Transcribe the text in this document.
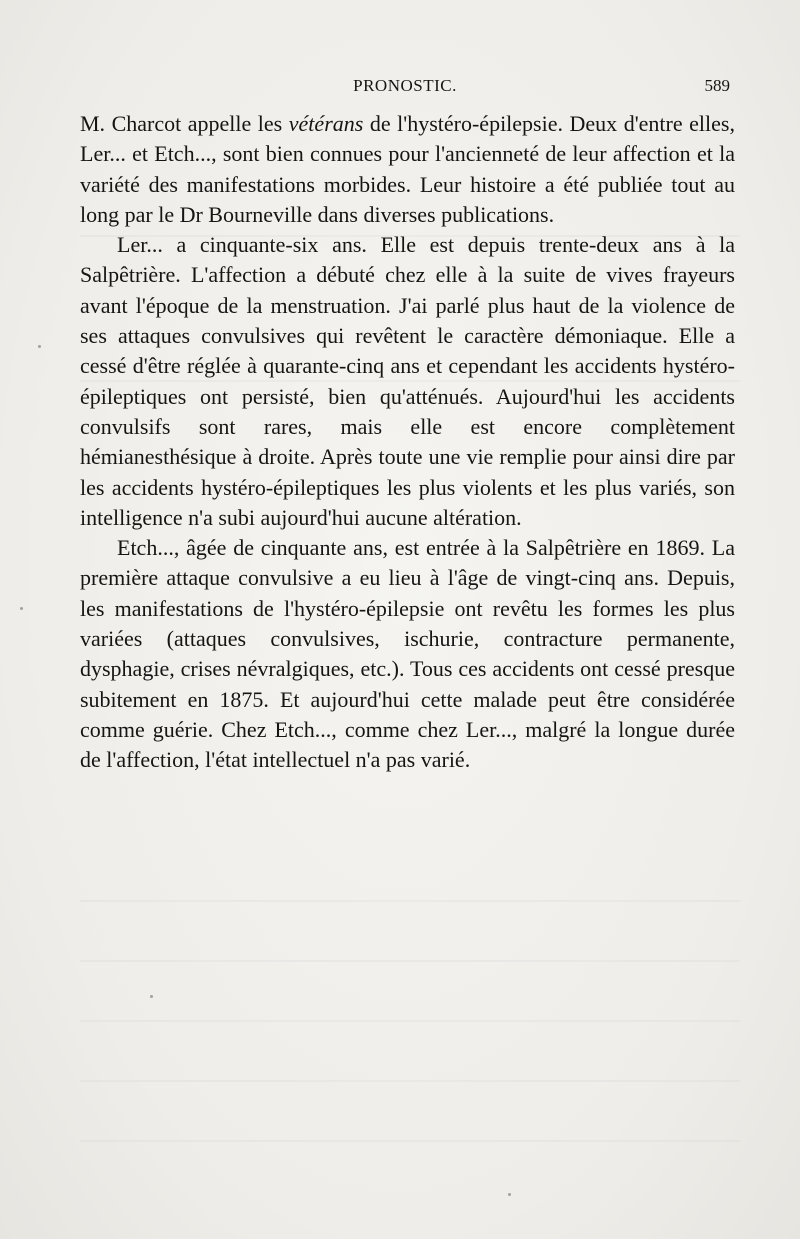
PRONOSTIC.	589

M. Charcot appelle les vétérans de l'hystéro-épilepsie. Deux d'entre elles, Ler... et Etch..., sont bien connues pour l'ancienneté de leur affection et la variété des manifestations morbides. Leur histoire a été publiée tout au long par le Dr Bourneville dans diverses publications.

Ler... a cinquante-six ans. Elle est depuis trente-deux ans à la Salpêtrière. L'affection a débuté chez elle à la suite de vives frayeurs avant l'époque de la menstruation. J'ai parlé plus haut de la violence de ses attaques convulsives qui revêtent le caractère démoniaque. Elle a cessé d'être réglée à quarante-cinq ans et cependant les accidents hystéro-épileptiques ont persisté, bien qu'atténués. Aujourd'hui les accidents convulsifs sont rares, mais elle est encore complètement hémianesthésique à droite. Après toute une vie remplie pour ainsi dire par les accidents hystéro-épileptiques les plus violents et les plus variés, son intelligence n'a subi aujourd'hui aucune altération.

Etch..., âgée de cinquante ans, est entrée à la Salpêtrière en 1869. La première attaque convulsive a eu lieu à l'âge de vingt-cinq ans. Depuis, les manifestations de l'hystéro-épilepsie ont revêtu les formes les plus variées (attaques convulsives, ischurie, contracture permanente, dysphagie, crises névralgiques, etc.). Tous ces accidents ont cessé presque subitement en 1875. Et aujourd'hui cette malade peut être considérée comme guérie. Chez Etch..., comme chez Ler..., malgré la longue durée de l'affection, l'état intellectuel n'a pas varié.
